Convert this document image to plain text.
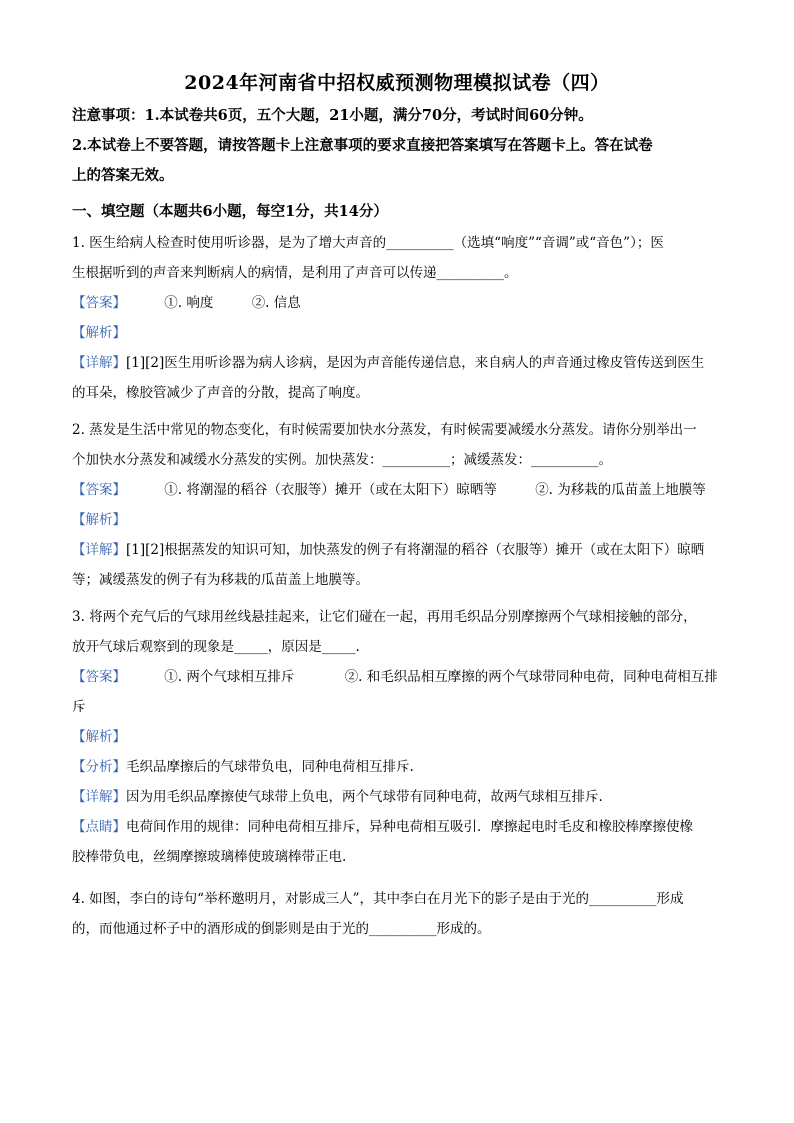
2024年河南省中招权威预测物理模拟试卷（四）
注意事项：1.本试卷共6页，五个大题，21小题，满分70分，考试时间60分钟。
2.本试卷上不要答题，请按答题卡上注意事项的要求直接把答案填写在答题卡上。答在试卷
上的答案无效。
一、填空题（本题共6小题，每空1分，共14分）
1. 医生给病人检查时使用听诊器，是为了增大声音的__________（选填“响度”“音调”或“音色”）；医
生根据听到的声音来判断病人的病情，是利用了声音可以传递__________。
【答案】	①. 响度	②. 信息
【解析】
【详解】[1][2]医生用听诊器为病人诊病，是因为声音能传递信息，来自病人的声音通过橡皮管传送到医生
的耳朵，橡胶管减少了声音的分散，提高了响度。
2. 蒸发是生活中常见的物态变化，有时候需要加快水分蒸发，有时候需要减缓水分蒸发。请你分别举出一
个加快水分蒸发和减缓水分蒸发的实例。加快蒸发：__________；减缓蒸发：__________。
【答案】	①. 将潮湿的稻谷（衣服等）摊开（或在太阳下）晾晒等	②. 为移栽的瓜苗盖上地膜等
【解析】
【详解】[1][2]根据蒸发的知识可知，加快蒸发的例子有将潮湿的稻谷（衣服等）摊开（或在太阳下）晾晒
等；减缓蒸发的例子有为移栽的瓜苗盖上地膜等。
3. 将两个充气后的气球用丝线悬挂起来，让它们碰在一起，再用毛织品分别摩擦两个气球相接触的部分，
放开气球后观察到的现象是_____，原因是_____.
【答案】	①. 两个气球相互排斥	②. 和毛织品相互摩擦的两个气球带同种电荷，同种电荷相互排
斥
【解析】
【分析】毛织品摩擦后的气球带负电，同种电荷相互排斥.
【详解】因为用毛织品摩擦使气球带上负电，两个气球带有同种电荷，故两气球相互排斥.
【点睛】电荷间作用的规律：同种电荷相互排斥，异种电荷相互吸引．摩擦起电时毛皮和橡胶棒摩擦使橡
胶棒带负电，丝绸摩擦玻璃棒使玻璃棒带正电.
4. 如图，李白的诗句“举杯邀明月，对影成三人”，其中李白在月光下的影子是由于光的__________形成
的，而他通过杯子中的酒形成的倒影则是由于光的__________形成的。
